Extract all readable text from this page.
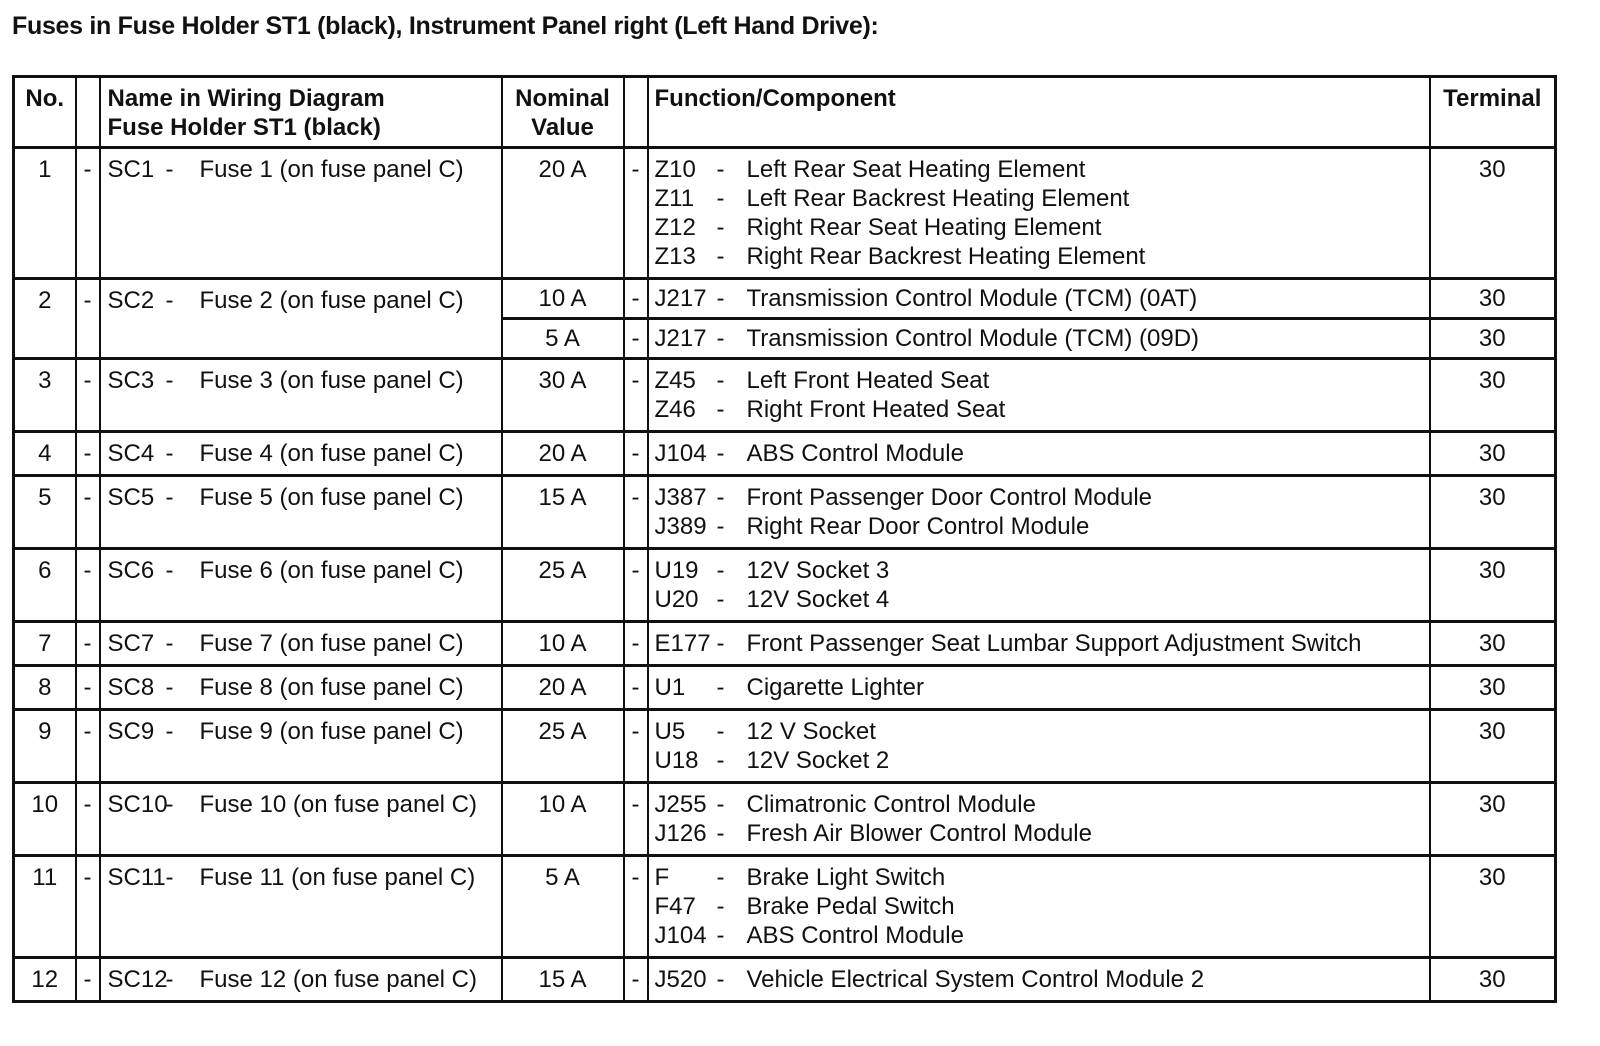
Fuses in Fuse Holder ST1 (black), Instrument Panel right (Left Hand Drive):
No.		Name in Wiring Diagram
Fuse Holder ST1 (black)	Nominal
Value		Function/Component	Terminal
1	-	SC1 - Fuse 1 (on fuse panel C)	20 A	-	Z10 - Left Rear Seat Heating Element
Z11 - Left Rear Backrest Heating Element
Z12 - Right Rear Seat Heating Element
Z13 - Right Rear Backrest Heating Element	30
2	-	SC2 - Fuse 2 (on fuse panel C)	10 A	-	J217 - Transmission Control Module (TCM) (0AT)	30
			5 A	-	J217 - Transmission Control Module (TCM) (09D)	30
3	-	SC3 - Fuse 3 (on fuse panel C)	30 A	-	Z45 - Left Front Heated Seat
Z46 - Right Front Heated Seat	30
4	-	SC4 - Fuse 4 (on fuse panel C)	20 A	-	J104 - ABS Control Module	30
5	-	SC5 - Fuse 5 (on fuse panel C)	15 A	-	J387 - Front Passenger Door Control Module
J389 - Right Rear Door Control Module	30
6	-	SC6 - Fuse 6 (on fuse panel C)	25 A	-	U19 - 12V Socket 3
U20 - 12V Socket 4	30
7	-	SC7 - Fuse 7 (on fuse panel C)	10 A	-	E177 - Front Passenger Seat Lumbar Support Adjustment Switch	30
8	-	SC8 - Fuse 8 (on fuse panel C)	20 A	-	U1 - Cigarette Lighter	30
9	-	SC9 - Fuse 9 (on fuse panel C)	25 A	-	U5 - 12 V Socket
U18 - 12V Socket 2	30
10	-	SC10- Fuse 10 (on fuse panel C)	10 A	-	J255 - Climatronic Control Module
J126 - Fresh Air Blower Control Module	30
11	-	SC11- Fuse 11 (on fuse panel C)	5 A	-	F - Brake Light Switch
F47 - Brake Pedal Switch
J104 - ABS Control Module	30
12	-	SC12- Fuse 12 (on fuse panel C)	15 A	-	J520 - Vehicle Electrical System Control Module 2	30
